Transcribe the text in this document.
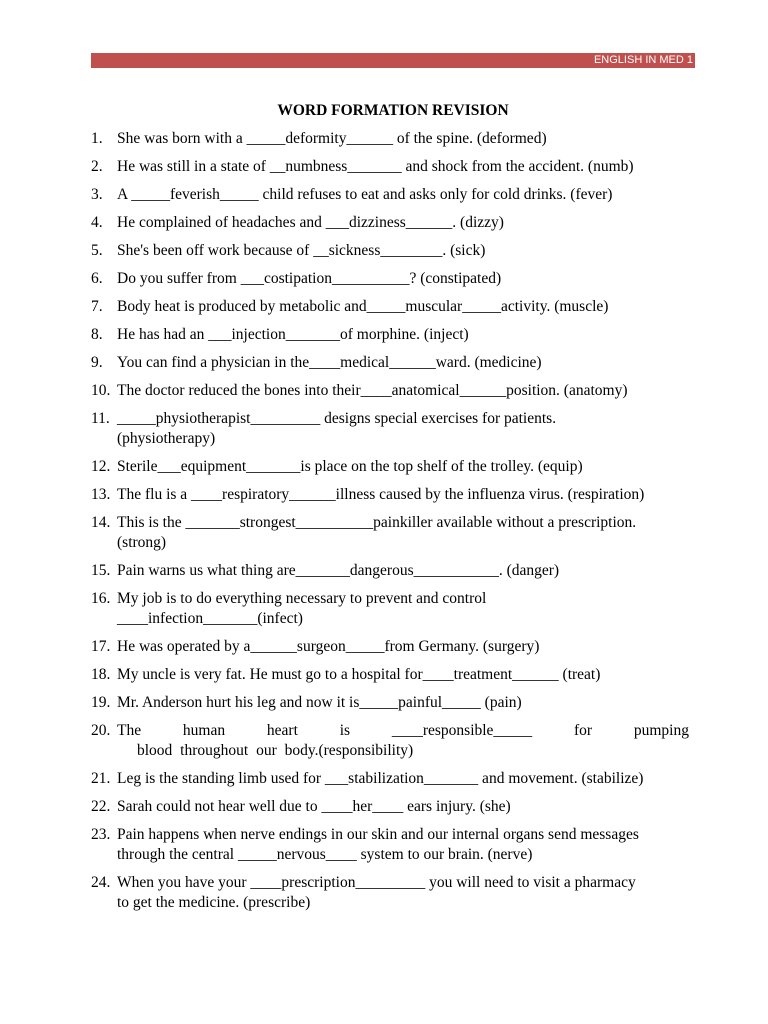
ENGLISH IN MED 1
WORD FORMATION REVISION
1. She was born with a _____deformity______ of the spine. (deformed)
2. He was still in a state of __numbness_______ and shock from the accident. (numb)
3. A _____feverish_____ child refuses to eat and asks only for cold drinks. (fever)
4. He complained of headaches and ___dizziness______. (dizzy)
5. She's been off work because of __sickness________. (sick)
6. Do you suffer from ___costipation__________? (constipated)
7. Body heat is produced by metabolic and_____muscular_____activity. (muscle)
8. He has had an ___injection_______of morphine. (inject)
9. You can find a physician in the____medical______ward. (medicine)
10. The doctor reduced the bones into their____anatomical______position. (anatomy)
11. _____physiotherapist_________ designs special exercises for patients.
(physiotherapy)
12. Sterile___equipment_______is place on the top shelf of the trolley. (equip)
13. The flu is a ____respiratory______illness caused by the influenza virus. (respiration)
14. This is the _______strongest__________painkiller available without a prescription.
(strong)
15. Pain warns us what thing are_______dangerous___________. (danger)
16. My job is to do everything necessary to prevent and control
____infection_______(infect)
17. He was operated by a______surgeon_____from Germany. (surgery)
18. My uncle is very fat. He must go to a hospital for____treatment______ (treat)
19. Mr. Anderson hurt his leg and now it is_____painful_____ (pain)
20. The human heart is ____responsible_____ for pumping
blood throughout our body.(responsibility)
21. Leg is the standing limb used for ___stabilization_______ and movement. (stabilize)
22. Sarah could not hear well due to ____her____ ears injury. (she)
23. Pain happens when nerve endings in our skin and our internal organs send messages
through the central _____nervous____ system to our brain. (nerve)
24. When you have your ____prescription_________ you will need to visit a pharmacy
to get the medicine. (prescribe)
